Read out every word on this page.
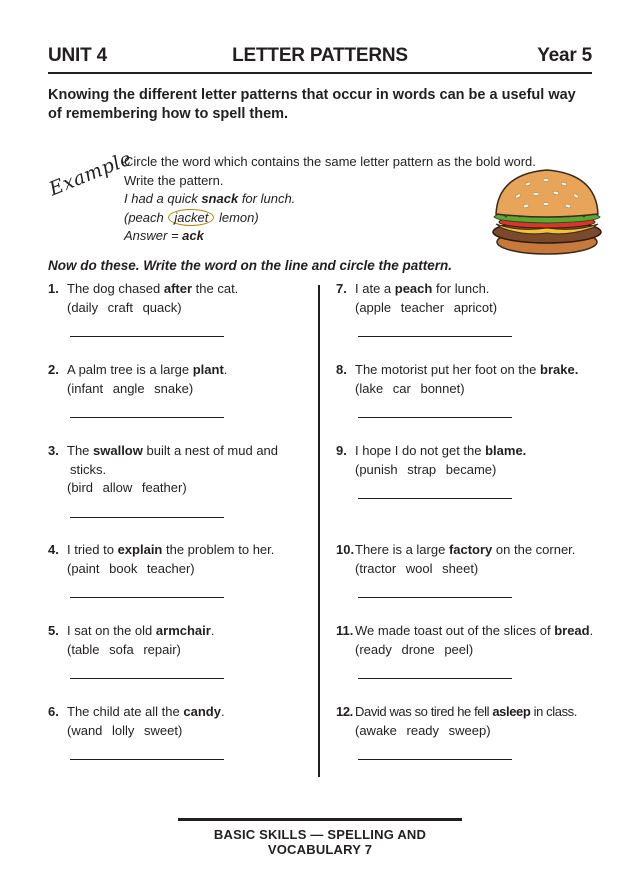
UNIT 4	LETTER PATTERNS	Year 5
Knowing the different letter patterns that occur in words can be a useful way of remembering how to spell them.
Example
Circle the word which contains the same letter pattern as the bold word.
Write the pattern.
I had a quick snack for lunch.
(peach jacket lemon)
Answer = ack
Now do these. Write the word on the line and circle the pattern.
1. The dog chased after the cat.
(daily craft quack)
2. A palm tree is a large plant.
(infant angle snake)
3. The swallow built a nest of mud and
sticks.
(bird allow feather)
4. I tried to explain the problem to her.
(paint book teacher)
5. I sat on the old armchair.
(table sofa repair)
6. The child ate all the candy.
(wand lolly sweet)
7. I ate a peach for lunch.
(apple teacher apricot)
8. The motorist put her foot on the brake.
(lake car bonnet)
9. I hope I do not get the blame.
(punish strap became)
10. There is a large factory on the corner.
(tractor wool sheet)
11. We made toast out of the slices of bread.
(ready drone peel)
12. David was so tired he fell asleep in class.
(awake ready sweep)
BASIC SKILLS — SPELLING AND VOCABULARY 7
